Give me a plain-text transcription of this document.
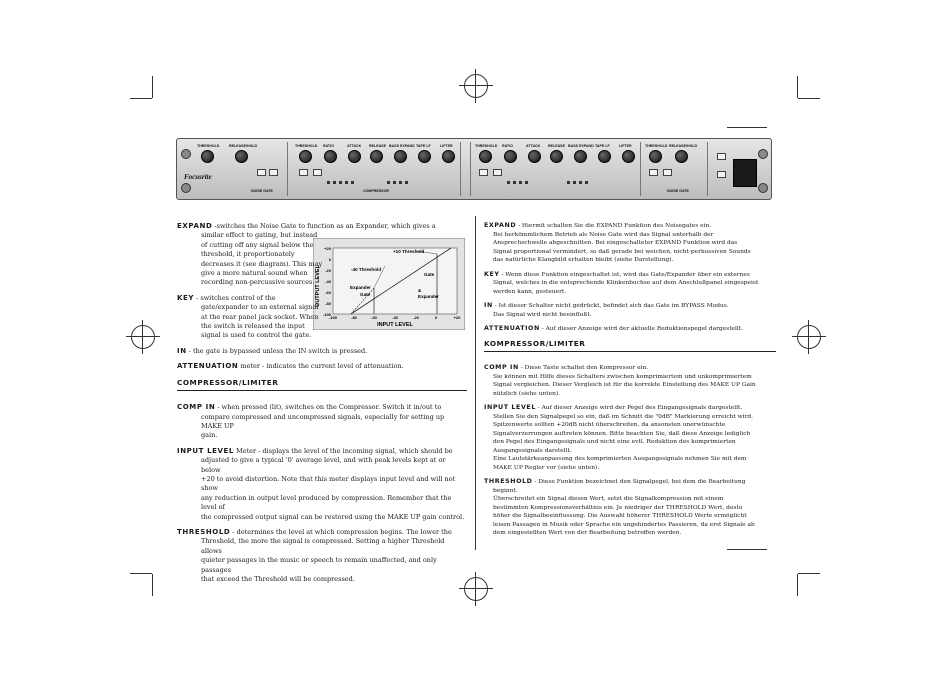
Focusrite
THRESHOLD	RELEASE/HOLD	THRESHOLD RATIO	ATTACK RELEASE BASS EXPAND TAPE LF	LIFTER	THRESHOLD RATIO	ATTACK RELEASE BASS EXPAND TAPE LF	LIFTER	THRESHOLD RELEASE/HOLD
NOISE GATE	COMPRESSOR	NOISE GATE
OUTPUT LEVEL
INPUT LEVEL
+20
0
-20
-40
-60
-80
-100
-100	-80	-60	-40	-20	0	+20
+10 Threshold
-40 Threshold
Expander
Gate
Gate
&
Expander
EXPAND -switches the Noise Gate to function as an Expander, which gives a
similar effect to gating, but instead
of cutting off any signal below the
threshold, it proportionately
decreases it (see diagram). This may
give a more natural sound when
recording non-percussive sources.
KEY - switches control of the
gate/expander to an external signal
at the rear panel jack socket. When
the switch is released the input
signal is used to control the gate.
IN - the gate is bypassed unless the IN switch is pressed.
ATTENUATION meter - indicates the current level of attenuation.
COMPRESSOR/LIMITER
COMP IN - when pressed (lit), switches on the Compressor. Switch it in/out to
compare compressed and uncompressed signals, especially for setting up MAKE UP
gain.
INPUT LEVEL Meter - displays the level of the incoming signal, which should be
adjusted to give a typical '0' average level, and with peak levels kept at or below
+20 to avoid distortion. Note that this meter displays input level and will not show
any reduction in output level produced by compression. Remember that the level of
the compressed output signal can be restored using the MAKE UP gain control.
THRESHOLD - determines the level at which compression begins. The lower the
Threshold, the more the signal is compressed. Setting a higher Threshold allows
quieter passages in the music or speech to remain unaffected, and only passages
that exceed the Threshold will be compressed.
EXPAND - Hiermit schalten Sie die EXPAND Funktion des Noisegates ein.
Bei herkömmlichem Betrieb als Noise Gate wird das Signal unterhalb der
Ansprechschwelle abgeschnitten. Bei eingeschalteter EXPAND Funktion wird das
Signal proportional vermindert, so daß gerade bei weichen, nicht-perkussiven Sounds
das natürliche Klangbild erhalten bleibt (siehe Darstellung).
KEY - Wenn diese Funktion eingeschaltet ist, wird das Gate/Expander über ein externes
Signal, welches in die entsprechende Klinkenbuchse auf dem Anschlußpanel eingespeist
werden kann, gesteuert.
IN - Ist dieser Schalter nicht gedrückt, befindet sich das Gate im BYPASS Modus.
Das Signal wird nicht beeinflußt.
ATTENUATION - Auf dieser Anzeige wird der aktuelle Reduktionspegel dargestellt.
KOMPRESSOR/LIMITER
COMP IN - Diese Taste schaltet den Kompressor ein.
Sie können mit Hilfe dieses Schalters zwischen komprimiertem und unkomprimiertem
Signal vergleichen. Dieser Vergleich ist für die korrekte Einstellung des MAKE UP Gain
nützlich (siehe unten).
INPUT LEVEL - Auf dieser Anzeige wird der Pegel des Eingangssignals dargestellt.
Stellen Sie den Signalpegel so ein, daß im Schnitt die "0dB" Markierung erreicht wird.
Spitzenwerte sollten +20dB nicht überschreiten, da ansonsten unerwünschte
Signalverzerrungen auftreten können. Bitte beachten Sie, daß diese Anzeige lediglich
den Pegel des Eingangssignals und nicht eine evtl. Reduktion des komprimierten
Ausgangssignals darstellt.
Eine Lautstärkeanpassung des komprimierten Ausgangssignals nehmen Sie mit dem
MAKE UP Regler vor (siehe unten).
THRESHOLD - Diese Funktion bezeichnet den Signalpegel, bei dem die Bearbeitung
beginnt.
Überschreitet ein Signal diesen Wert, setzt die Signalkompression mit einem
bestimmten Kompressionsverhältnis ein. Je niedriger der THRESHOLD Wert, desto
höher die Signalbeeinflussung. Die Auswahl höherer THRESHOLD Werte ermöglicht
leisen Passagen in Musik oder Sprache ein ungehindertes Passieren, da erst Signale ab
dem eingestellten Wert von der Bearbeitung betroffen werden.
